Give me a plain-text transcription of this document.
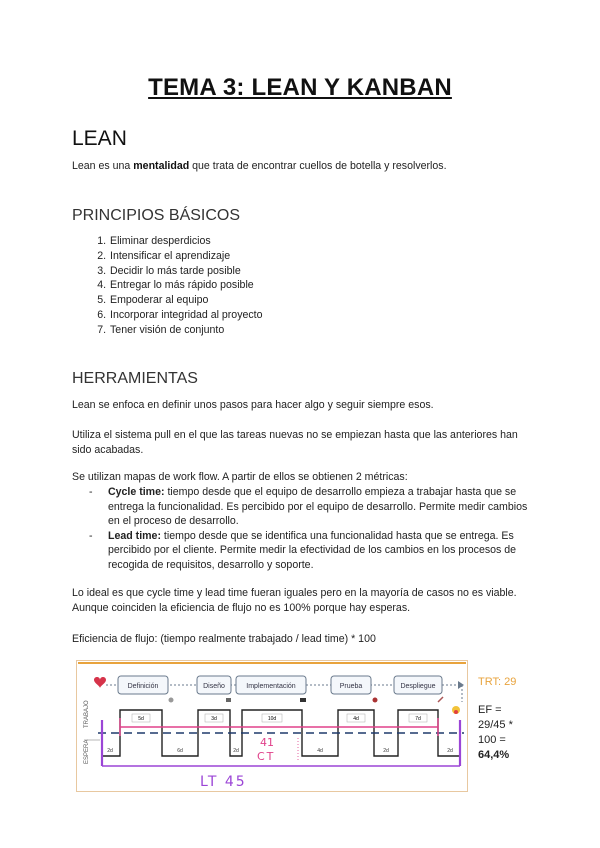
TEMA 3: LEAN Y KANBAN
LEAN
Lean es una mentalidad que trata de encontrar cuellos de botella y resolverlos.
PRINCIPIOS BÁSICOS
1. Eliminar desperdicios
2. Intensificar el aprendizaje
3. Decidir lo más tarde posible
4. Entregar lo más rápido posible
5. Empoderar al equipo
6. Incorporar integridad al proyecto
7. Tener visión de conjunto
HERRAMIENTAS
Lean se enfoca en definir unos pasos para hacer algo y seguir siempre esos.
Utiliza el sistema pull en el que las tareas nuevas no se empiezan hasta que las anteriores han sido acabadas.
Se utilizan mapas de work flow. A partir de ellos se obtienen 2 métricas:
- Cycle time: tiempo desde que el equipo de desarrollo empieza a trabajar hasta que se entrega la funcionalidad. Es percibido por el equipo de desarrollo. Permite medir cambios en el proceso de desarrollo.
- Lead time: tiempo desde que se identifica una funcionalidad hasta que se entrega. Es percibido por el cliente. Permite medir la efectividad de los cambios en los procesos de recogida de requisitos, desarrollo y soporte.
Lo ideal es que cycle time y lead time fueran iguales pero en la mayoría de casos no es viable. Aunque coinciden la eficiencia de flujo no es 100% porque hay esperas.
Eficiencia de flujo: (tiempo realmente trabajado / lead time) * 100
Definición	Diseño	Implementación	Prueba	Despliegue
TRABAJO
ESPERA
5d	3d	10d	4d	7d
2d	6d	2d	4d	2d	2d
41
CT
LT 45
TRT: 29
EF =
29/45 *
100 =
64,4%
